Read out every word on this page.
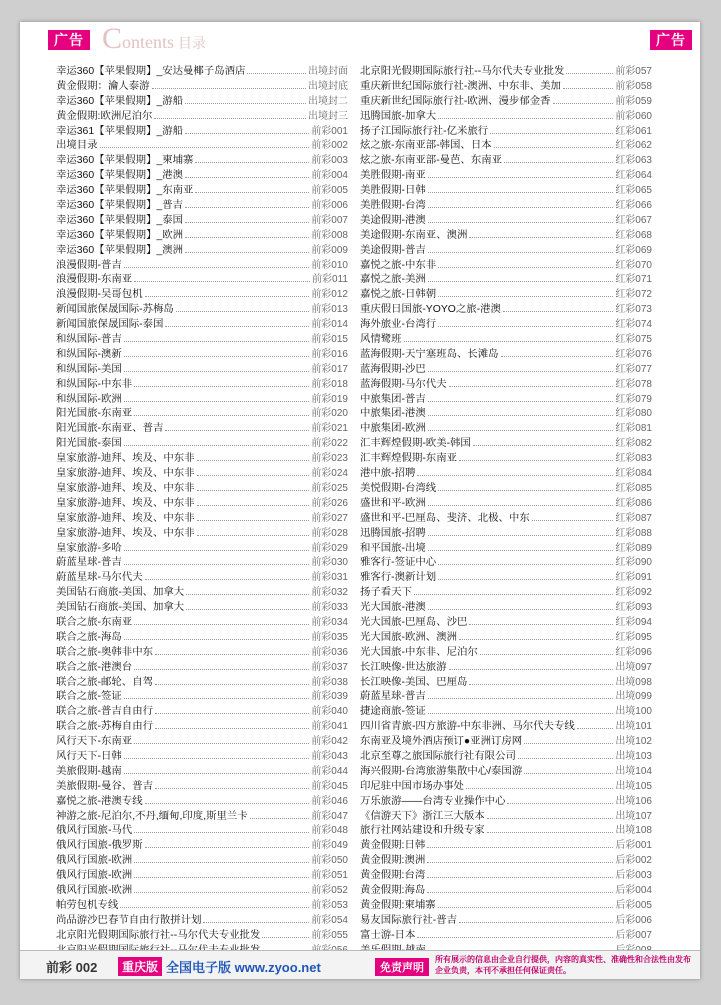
广告 Contents 目录	广告
幸运360【苹果假期】_安达曼椰子岛酒店	出境封面
黄金假期：瀹人泰游	出境封底
幸运360【苹果假期】_游船	出境封二
黄金假期:欧洲尼泊尔	出境封三
幸运361【苹果假期】_游船	前彩001
出境目录	前彩002
幸运360【苹果假期】_柬埔寨	前彩003
幸运360【苹果假期】_港澳	前彩004
幸运360【苹果假期】_东南亚	前彩005
幸运360【苹果假期】_普吉	前彩006
幸运360【苹果假期】_泰国	前彩007
幸运360【苹果假期】_欧洲	前彩008
幸运360【苹果假期】_澳洲	前彩009
浪漫假期-普吉	前彩010
浪漫假期-东南亚	前彩011
浪漫假期-吴哥包机	前彩012
新闻国旅保晟国际-苏梅岛	前彩013
新闻国旅保晟国际-泰国	前彩014
和纵国际-普吉	前彩015
和纵国际-澳新	前彩016
和纵国际-美国	前彩017
和纵国际-中东非	前彩018
和纵国际-欧洲	前彩019
阳光国旅-东南亚	前彩020
阳光国旅-东南亚、普吉	前彩021
阳光国旅-泰国	前彩022
皇家旅游-迪拜、埃及、中东非	前彩023
皇家旅游-迪拜、埃及、中东非	前彩024
皇家旅游-迪拜、埃及、中东非	前彩025
皇家旅游-迪拜、埃及、中东非	前彩026
皇家旅游-迪拜、埃及、中东非	前彩027
皇家旅游-迪拜、埃及、中东非	前彩028
皇家旅游-多哈	前彩029
蔚蓝星球-普吉	前彩030
蔚蓝星球-马尔代夫	前彩031
美国钻石商旅-美国、加拿大	前彩032
美国钻石商旅-美国、加拿大	前彩033
联合之旅-东南亚	前彩034
联合之旅-海岛	前彩035
联合之旅-奥韩非中东	前彩036
联合之旅-港澳台	前彩037
联合之旅-邮轮、自驾	前彩038
联合之旅-签证	前彩039
联合之旅-普吉自由行	前彩040
联合之旅-苏梅自由行	前彩041
风行天下-东南亚	前彩042
风行天下-日韩	前彩043
美旅假期-越南	前彩044
美旅假期-曼谷、普吉	前彩045
嘉悦之旅-港澳专线	前彩046
神游之旅-尼泊尔,不丹,缅甸,印度,斯里兰卡	前彩047
俄风行国旅-马代	前彩048
俄风行国旅-俄罗斯	前彩049
俄风行国旅-欧洲	前彩050
俄风行国旅-欧洲	前彩051
俄风行国旅-欧洲	前彩052
帕劳包机专线	前彩053
尚品游沙巴春节自由行散拼计划	前彩054
北京阳光假期国际旅行社--马尔代夫专业批发	前彩055
北京阳光假期国际旅行社--马尔代夫专业批发	前彩057
重庆新世纪国际旅行社-澳洲、中东非、美加	前彩058
重庆新世纪国际旅行社-欧洲、漫步郁金香	前彩059
迅腾国旅-加拿大	前彩060
扬子江国际旅行社-亿米旅行	红彩061
炫之旅-东南亚部-韩国、日本	红彩062
炫之旅-东南亚部-曼芭、东南亚	红彩063
美胜假期-南亚	红彩064
美胜假期-日韩	红彩065
美胜假期-台湾	红彩066
美途假期-港澳	红彩067
美途假期-东南亚、澳洲	红彩068
美途假期-普吉	红彩069
嘉悦之旅-中东非	红彩070
嘉悦之旅-美洲	红彩071
嘉悦之旅-日韩朝	红彩072
重庆假日国旅-YOYO之旅-港澳	红彩073
海外旅业-台湾行	红彩074
风情鹭班	红彩075
蓝海假期-天宁塞班岛、长滩岛	红彩076
蓝海假期-沙巴	红彩077
蓝海假期-马尔代夫	红彩078
中旅集团-普吉	红彩079
中旅集团-港澳	红彩080
中旅集团-欧洲	红彩081
汇丰辉煌假期-欧美-韩国	红彩082
汇丰辉煌假期-东南亚	红彩083
港中旅-招聘	红彩084
美悦假期-台湾线	红彩085
盛世和平-欧洲	红彩086
盛世和平-巴厘岛、斐济、北极、中东	红彩087
迅腾国旅-招聘	红彩088
和平国旅-出境	红彩089
雅客行-签证中心	红彩090
雅客行-澳新计划	红彩091
扬子看天下	红彩092
光大国旅-港澳	红彩093
光大国旅-巴厘岛、沙巴	红彩094
光大国旅-欧洲、澳洲	红彩095
光大国旅-中东非、尼泊尔	红彩096
长江映像-世达旅游	出境097
长江映像-美国、巴厘岛	出境098
蔚蓝星球-普吉	出境099
捷途商旅-签证	出境100
四川省青旅-四方旅游-中东非洲、马尔代夫专线	出境101
东南亚及境外酒店预订●亚洲订房网	出境102
北京至尊之旅国际旅行社有限公司	出境103
海兴假期-台湾旅游集散中心/泰国游	出境104
印尼驻中国市场办事处	出境105
万乐旅游——台湾专业操作中心	出境106
《信游天下》浙江三大版本	出境107
旅行社网站建设和升级专家	出境108
黄金假期:日韩	后彩001
黄金假期:澳洲	后彩002
黄金假期:台湾	后彩003
黄金假期:海岛	后彩004
黄金假期:柬埔寨	后彩005
易友国际旅行社-普吉	后彩006
富士游-日本	后彩007
前彩 002	重庆版 全国电子版 www.zyoo.net	免责声明
所有展示的信息由企业自行提供，内容的真实性、准确性和合法性由发布企业负责，本刊不承担任何保证责任。
